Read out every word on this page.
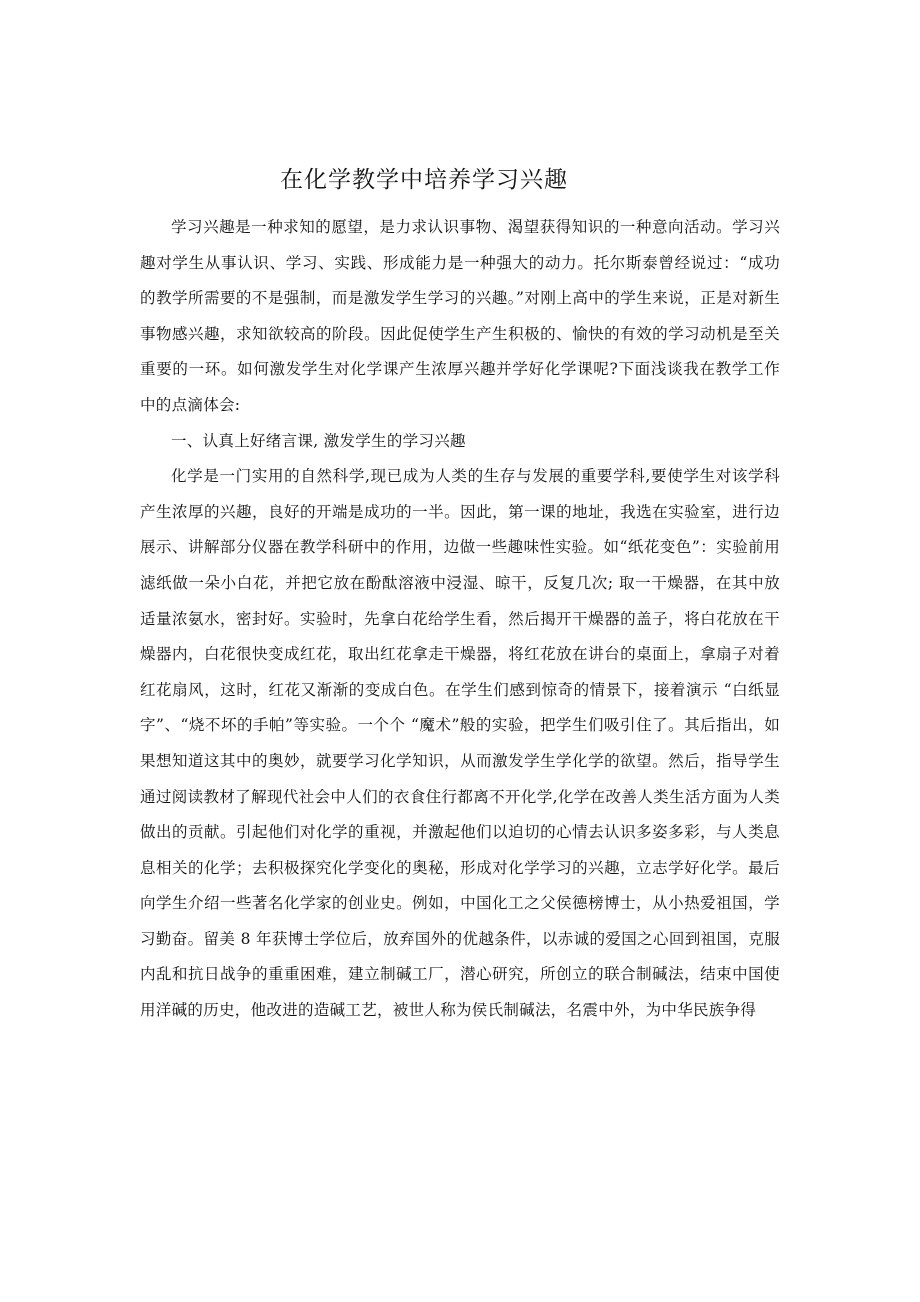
在化学教学中培养学习兴趣

学习兴趣是一种求知的愿望，是力求认识事物、渴望获得知识的一种意向活动。学习兴趣对学生从事认识、学习、实践、形成能力是一种强大的动力。托尔斯泰曾经说过：“成功的教学所需要的不是强制，而是激发学生学习的兴趣。”对刚上高中的学生来说，正是对新生事物感兴趣，求知欲较高的阶段。因此促使学生产生积极的、愉快的有效的学习动机是至关重要的一环。如何激发学生对化学课产生浓厚兴趣并学好化学课呢?下面浅谈我在教学工作中的点滴体会:

一、认真上好绪言课, 激发学生的学习兴趣

化学是一门实用的自然科学,现已成为人类的生存与发展的重要学科,要使学生对该学科产生浓厚的兴趣，良好的开端是成功的一半。因此，第一课的地址，我选在实验室，进行边展示、讲解部分仪器在教学科研中的作用，边做一些趣味性实验。如“纸花变色”：实验前用滤纸做一朵小白花，并把它放在酚酞溶液中浸湿、晾干，反复几次; 取一干燥器，在其中放适量浓氨水，密封好。实验时，先拿白花给学生看，然后揭开干燥器的盖子，将白花放在干燥器内，白花很快变成红花，取出红花拿走干燥器，将红花放在讲台的桌面上，拿扇子对着红花扇风，这时，红花又渐渐的变成白色。在学生们感到惊奇的情景下，接着演示 “白纸显字”、“烧不坏的手帕”等实验。一个个 “魔术”般的实验，把学生们吸引住了。其后指出，如果想知道这其中的奥妙，就要学习化学知识，从而激发学生学化学的欲望。然后，指导学生通过阅读教材了解现代社会中人们的衣食住行都离不开化学,化学在改善人类生活方面为人类做出的贡献。引起他们对化学的重视，并激起他们以迫切的心情去认识多姿多彩，与人类息息相关的化学；去积极探究化学变化的奥秘，形成对化学学习的兴趣，立志学好化学。最后向学生介绍一些著名化学家的创业史。例如，中国化工之父侯德榜博士，从小热爱祖国，学习勤奋。留美 8 年获博士学位后，放弃国外的优越条件，以赤诚的爱国之心回到祖国，克服内乱和抗日战争的重重困难，建立制碱工厂，潜心研究，所创立的联合制碱法，结束中国使用洋碱的历史，他改进的造碱工艺，被世人称为侯氏制碱法，名震中外，为中华民族争得
